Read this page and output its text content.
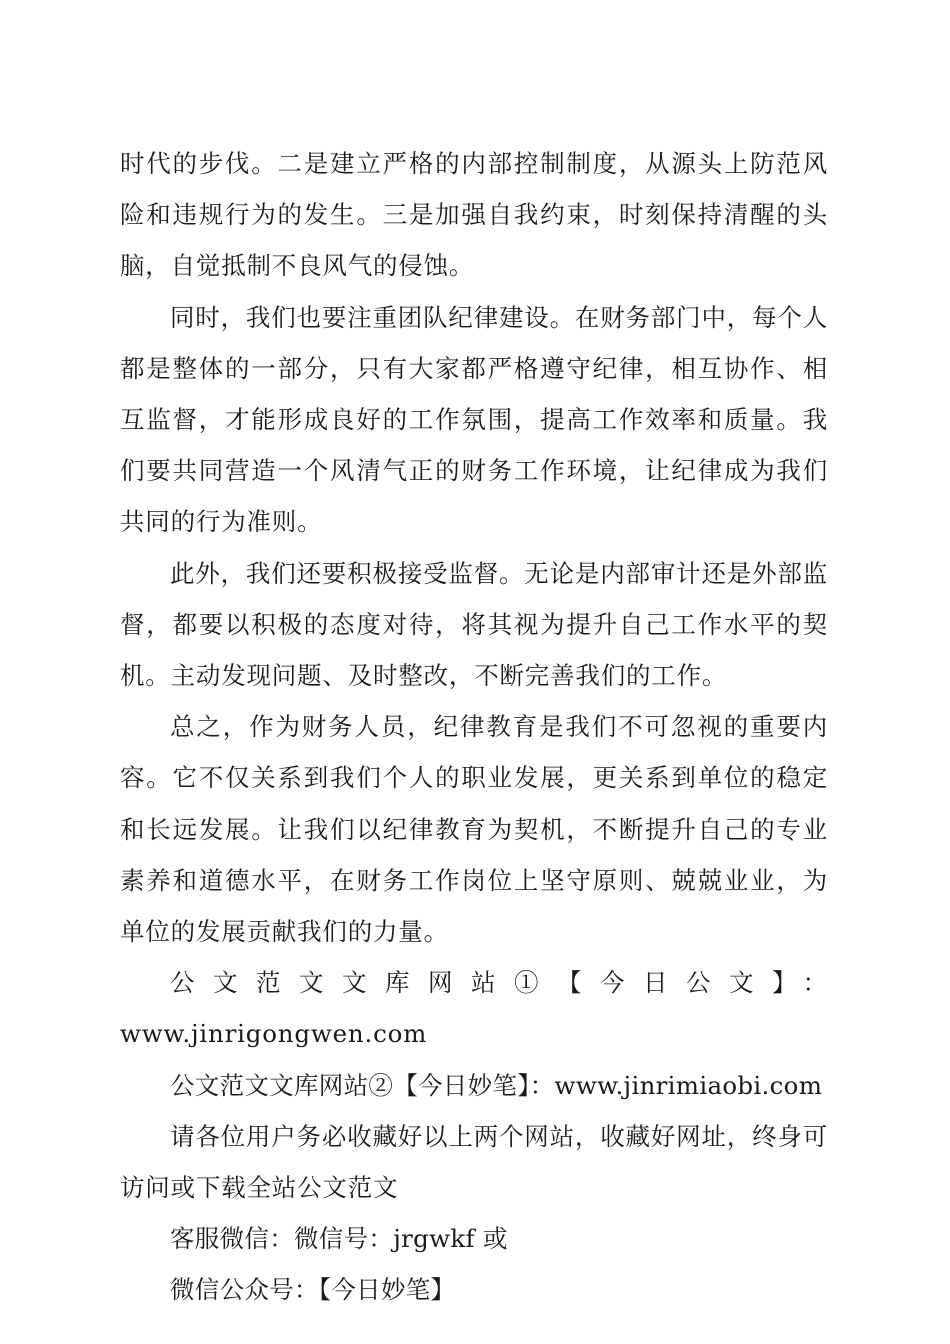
时代的步伐。二是建立严格的内部控制制度，从源头上防范风险和违规行为的发生。三是加强自我约束，时刻保持清醒的头脑，自觉抵制不良风气的侵蚀。

同时，我们也要注重团队纪律建设。在财务部门中，每个人都是整体的一部分，只有大家都严格遵守纪律，相互协作、相互监督，才能形成良好的工作氛围，提高工作效率和质量。我们要共同营造一个风清气正的财务工作环境，让纪律成为我们共同的行为准则。

此外，我们还要积极接受监督。无论是内部审计还是外部监督，都要以积极的态度对待，将其视为提升自己工作水平的契机。主动发现问题、及时整改，不断完善我们的工作。

总之，作为财务人员，纪律教育是我们不可忽视的重要内容。它不仅关系到我们个人的职业发展，更关系到单位的稳定和长远发展。让我们以纪律教育为契机，不断提升自己的专业素养和道德水平，在财务工作岗位上坚守原则、兢兢业业，为单位的发展贡献我们的力量。

公文范文文库网站①【今日公文】：www.jinrigongwen.com

公文范文文库网站②【今日妙笔】：www.jinrimiaobi.com

请各位用户务必收藏好以上两个网站，收藏好网址，终身可访问或下载全站公文范文

客服微信：微信号：jrgwkf 或

微信公众号：【今日妙笔】
